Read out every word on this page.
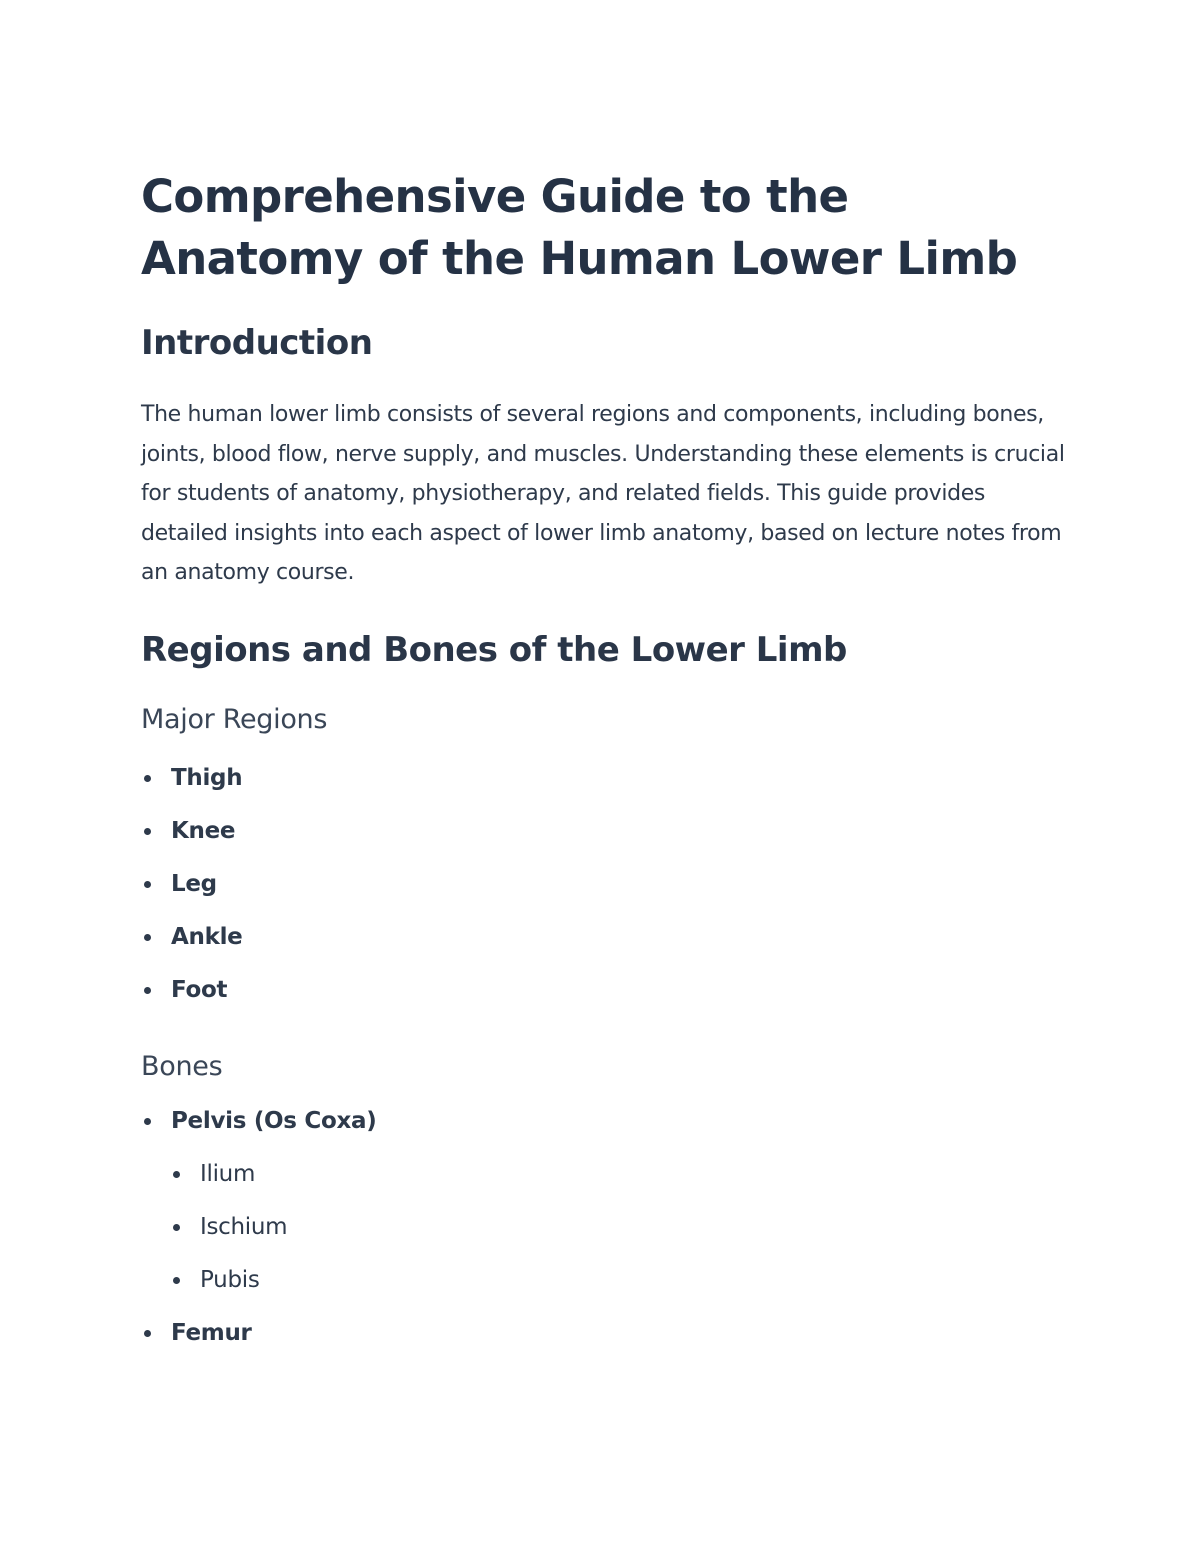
Comprehensive Guide to the Anatomy of the Human Lower Limb
Introduction

The human lower limb consists of several regions and components, including bones, joints, blood flow, nerve supply, and muscles. Understanding these elements is crucial for students of anatomy, physiotherapy, and related fields. This guide provides detailed insights into each aspect of lower limb anatomy, based on lecture notes from an anatomy course.

Regions and Bones of the Lower Limb
Major Regions
Thigh
Knee
Leg
Ankle
Foot
Bones
Pelvis (Os Coxa)
Ilium
Ischium
Pubis
Femur
